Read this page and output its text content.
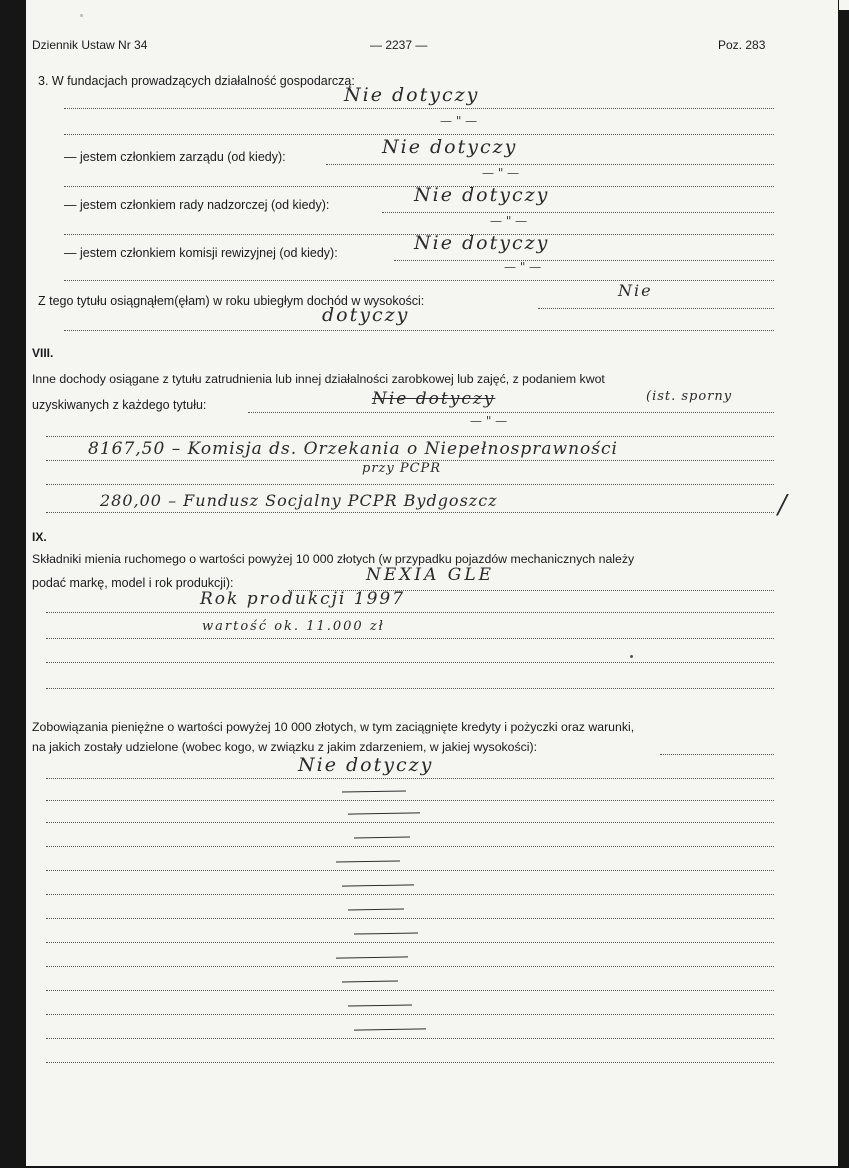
Dziennik Ustaw Nr 34	— 2237 —	Poz. 283
3. W fundacjach prowadzących działalność gospodarczą:
Nie dotyczy
— " —
— jestem członkiem zarządu (od kiedy):	Nie dotyczy
— " —
— jestem członkiem rady nadzorczej (od kiedy):	Nie dotyczy
— " —
— jestem członkiem komisji rewizyjnej (od kiedy):	Nie dotyczy
— " —
Z tego tytułu osiągnąłem(ęłam) w roku ubiegłym dochód w wysokości:
Nie
dotyczy
VIII.
Inne dochody osiągane z tytułu zatrudnienia lub innej działalności zarobkowej lub zajęć, z podaniem kwot
uzyskiwanych z każdego tytułu:	Nie dotyczy	(ist. sporny
— " —
8167,50 – Komisja ds. Orzekania o Niepełnosprawności
przy PCPR
280,00 – Fundusz Socjalny PCPR Bydgoszcz	/
IX.
Składniki mienia ruchomego o wartości powyżej 10 000 złotych (w przypadku pojazdów mechanicznych należy
podać markę, model i rok produkcji):	NEXIA GLE
Rok produkcji 1997
wartość ok. 11.000 zł
Zobowiązania pieniężne o wartości powyżej 10 000 złotych, w tym zaciągnięte kredyty i pożyczki oraz warunki,
na jakich zostały udzielone (wobec kogo, w związku z jakim zdarzeniem, w jakiej wysokości):
Nie dotyczy
